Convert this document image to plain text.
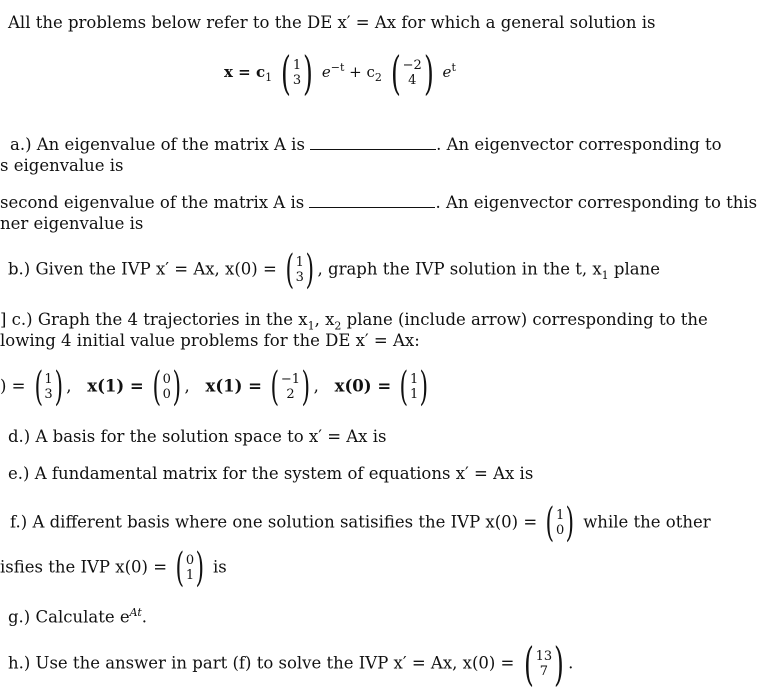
All the problems below refer to the DE x′ = Ax for which a general solution is
$x = c_1$ ( 1
3 ) $e^{-t} + c_2$ ( −2
4 ) $e^t$
a.) An eigenvalue of the matrix A is	. An eigenvector corresponding to
s eigenvalue is
second eigenvalue of the matrix A is	. An eigenvector corresponding to this
ner eigenvalue is
b.) Given the IVP x′ = Ax, x(0) = ( 1
3 ) , graph the IVP solution in the t, $x_1$ plane
] c.) Graph the 4 trajectories in the $x_1$, $x_2$ plane (include arrow) corresponding to the
lowing 4 initial value problems for the DE x′ = Ax:
) = ( 1
3 ) ,   x(1) = ( 0
0 ) ,   x(1) = ( −1
2 ) ,   x(0) = ( 1
1 )
d.) A basis for the solution space to x′ = Ax is
e.) A fundamental matrix for the system of equations x′ = Ax is
f.) A different basis where one solution satisifies the IVP x(0) = ( 1
0 ) while the other
isfies the IVP x(0) = ( 0
1 ) is
g.) Calculate $e^{At}$.
h.) Use the answer in part (f) to solve the IVP x′ = Ax, x(0) = ( 13
7 ) .
